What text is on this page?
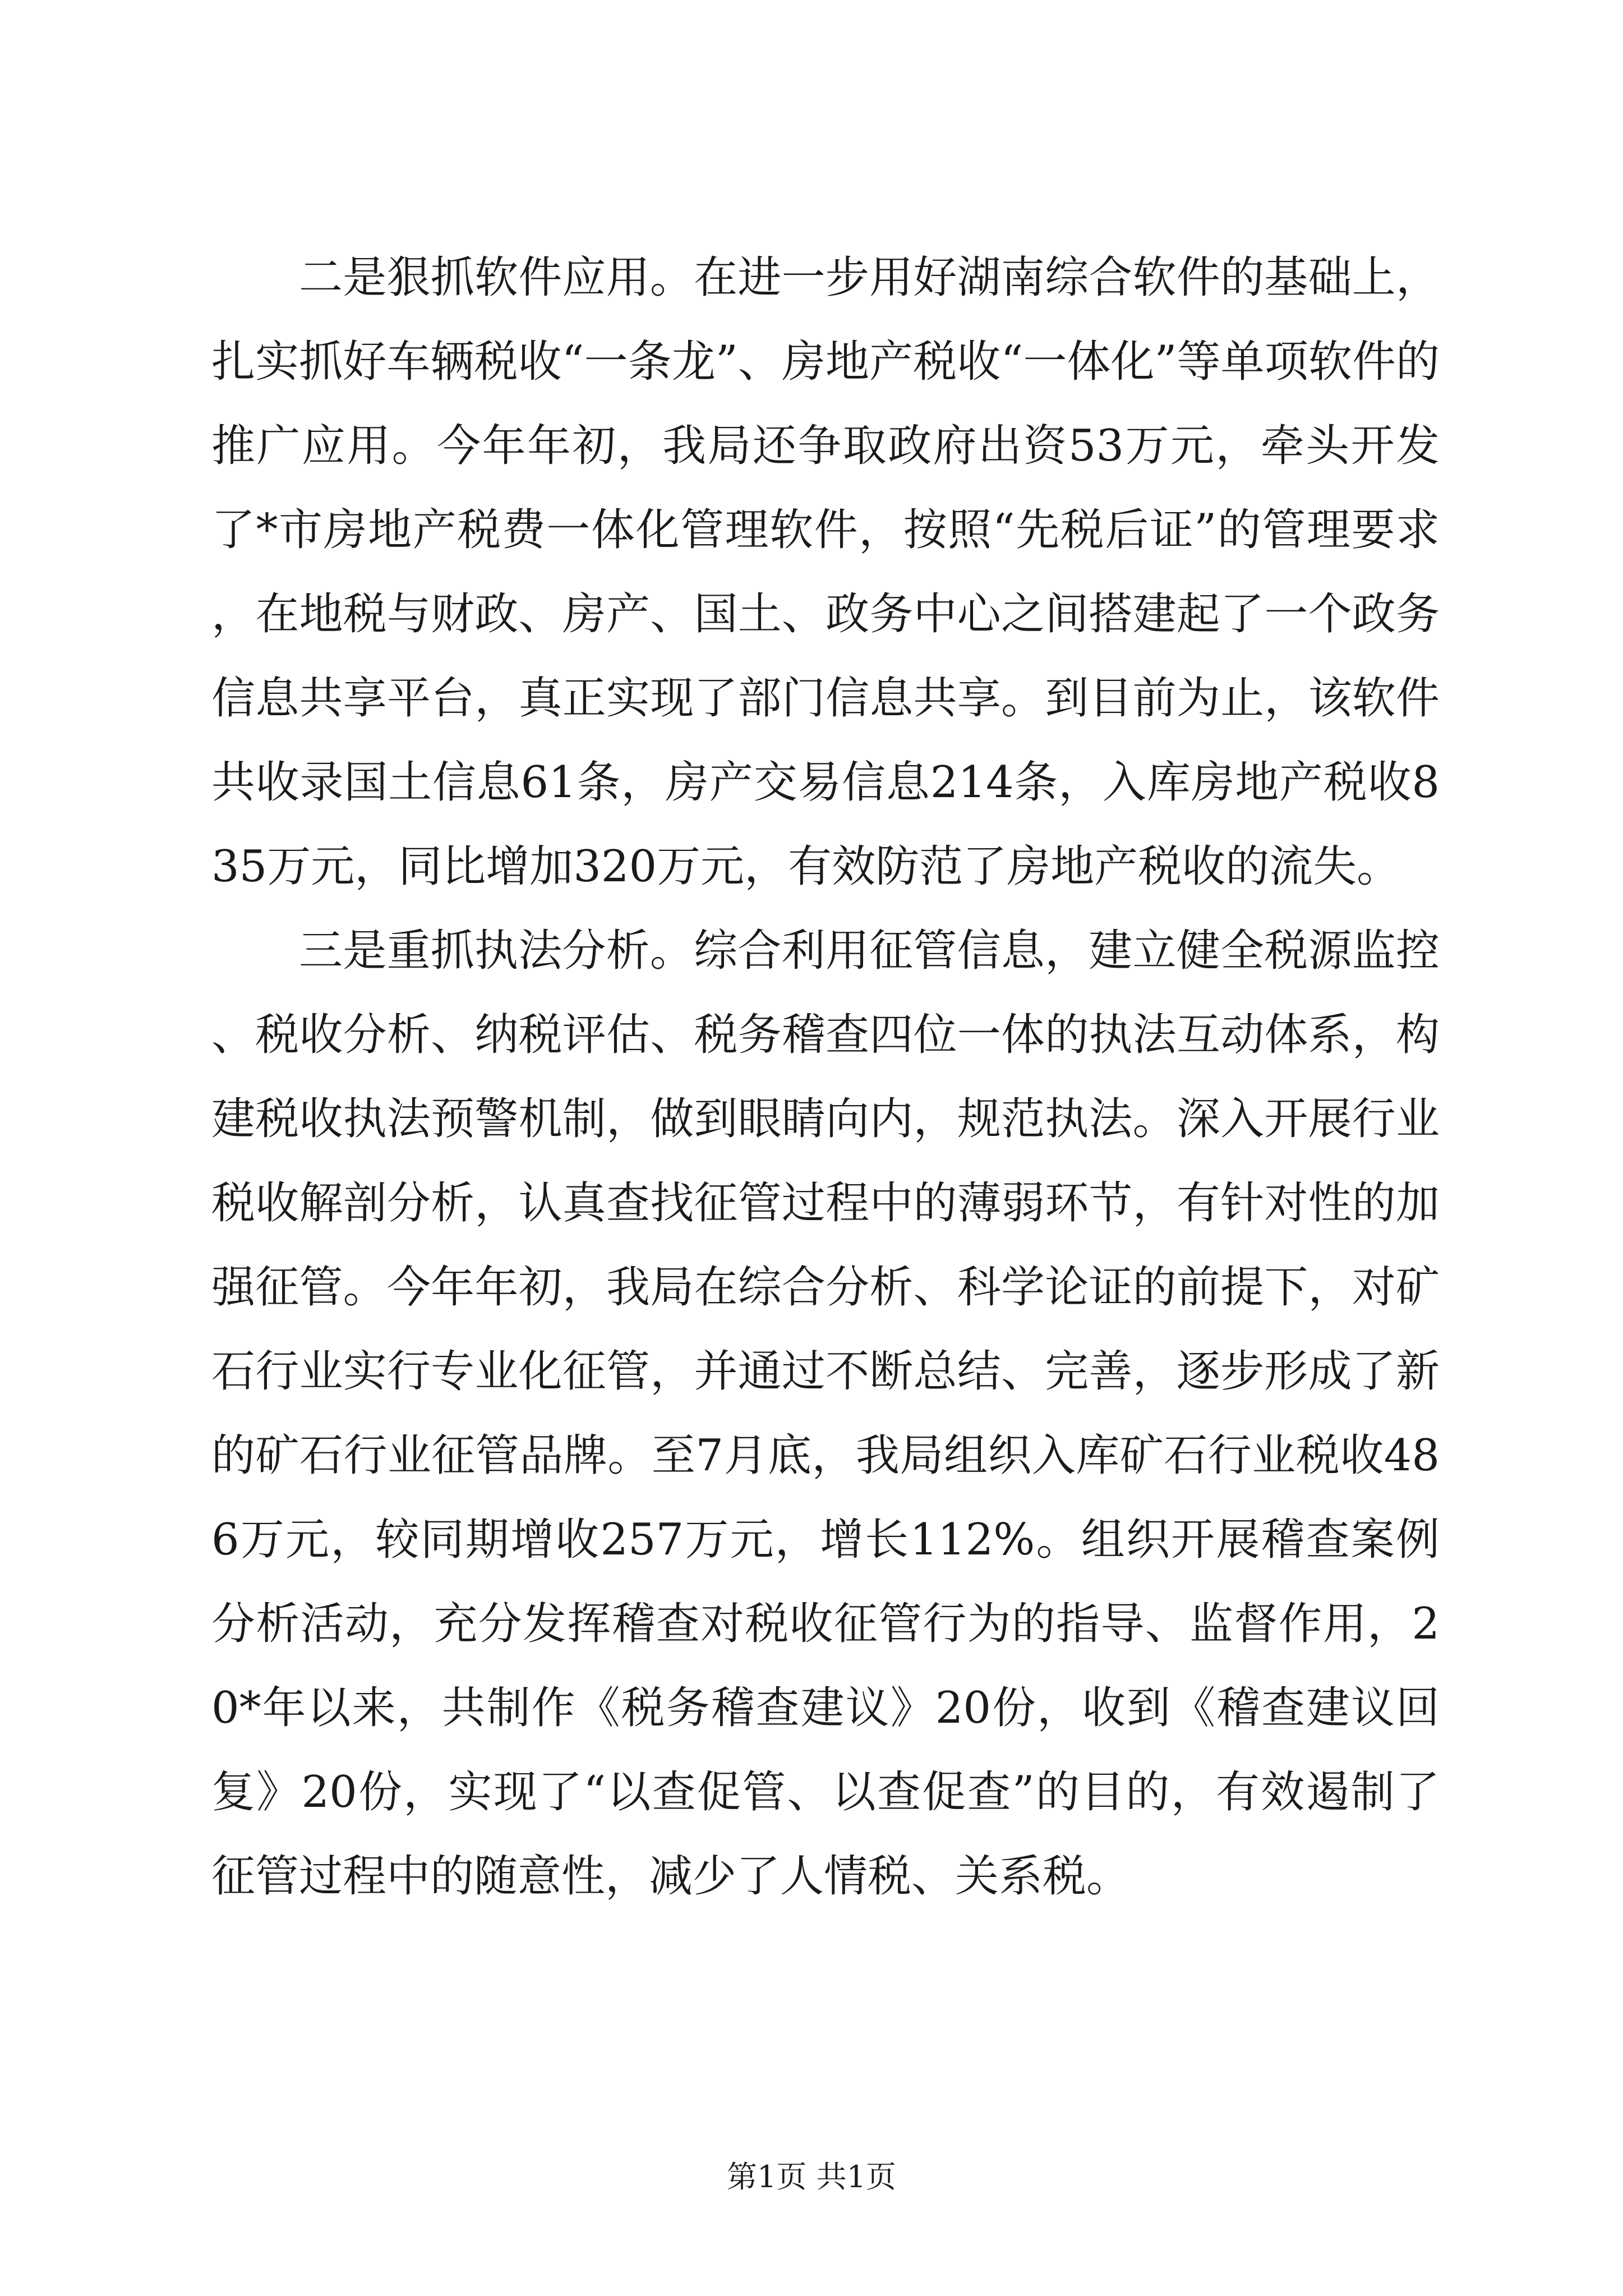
二是狠抓软件应用。在进一步用好湖南综合软件的基础上，扎实抓好车辆税收“一条龙”、房地产税收“一体化”等单项软件的推广应用。今年年初，我局还争取政府出资53万元，牵头开发了*市房地产税费一体化管理软件，按照“先税后证”的管理要求，在地税与财政、房产、国土、政务中心之间搭建起了一个政务信息共享平台，真正实现了部门信息共享。到目前为止，该软件共收录国土信息61条，房产交易信息214条，入库房地产税收835万元，同比增加320万元，有效防范了房地产税收的流失。

三是重抓执法分析。综合利用征管信息，建立健全税源监控、税收分析、纳税评估、税务稽查四位一体的执法互动体系，构建税收执法预警机制，做到眼睛向内，规范执法。深入开展行业税收解剖分析，认真查找征管过程中的薄弱环节，有针对性的加强征管。今年年初，我局在综合分析、科学论证的前提下，对矿石行业实行专业化征管，并通过不断总结、完善，逐步形成了新的矿石行业征管品牌。至7月底，我局组织入库矿石行业税收486万元，较同期增收257万元，增长112%。组织开展稽查案例分析活动，充分发挥稽查对税收征管行为的指导、监督作用，20*年以来，共制作《税务稽查建议》20份，收到《稽查建议回复》20份，实现了“以查促管、以查促查”的目的，有效遏制了征管过程中的随意性，减少了人情税、关系税。

第1页 共1页
